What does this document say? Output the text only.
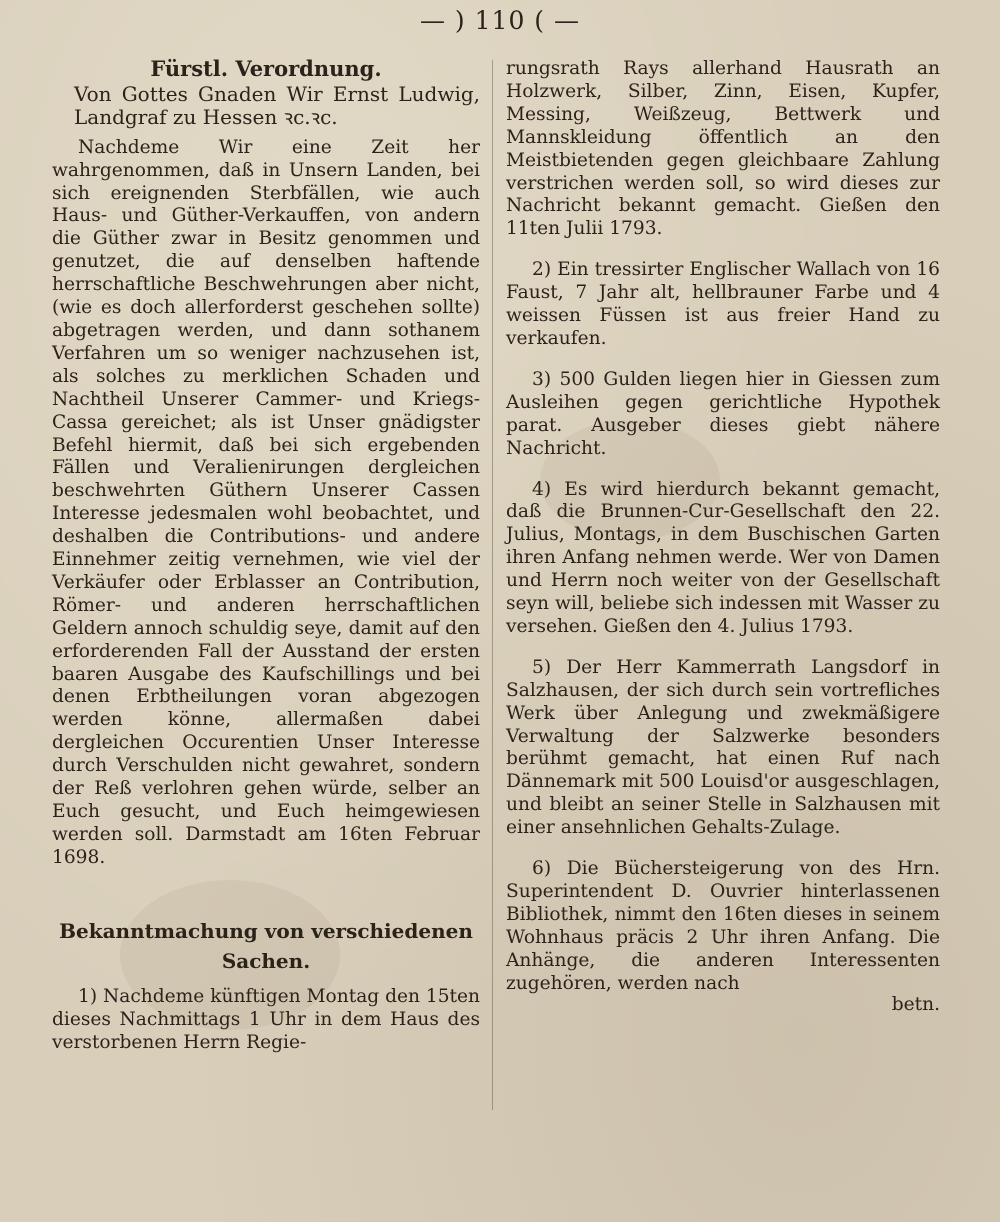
— ) 110 ( —
Fürstl. Verordnung.
Von Gottes Gnaden Wir Ernst Ludwig, Landgraf zu Hessen ꝛc.ꝛc.

Nachdeme Wir eine Zeit her wahrgenommen, daß in Unsern Landen, bei sich ereignenden Sterbfällen, wie auch Haus- und Güther-Verkauffen, von andern die Güther zwar in Besitz genommen und genutzet, die auf denselben haftende herrschaftliche Beschwehrungen aber nicht, (wie es doch allerforderst geschehen sollte) abgetragen werden, und dann sothanem Verfahren um so weniger nachzusehen ist, als solches zu merklichen Schaden und Nachtheil Unserer Cammer- und Kriegs-Cassa gereichet; als ist Unser gnädigster Befehl hiermit, daß bei sich ergebenden Fällen und Veralienirungen dergleichen beschwehrten Güthern Unserer Cassen Interesse jedesmalen wohl beobachtet, und deshalben die Contributions- und andere Einnehmer zeitig vernehmen, wie viel der Verkäufer oder Erblasser an Contribution, Römer- und anderen herrschaftlichen Geldern annoch schuldig seye, damit auf den erforderenden Fall der Ausstand der ersten baaren Ausgabe des Kaufschillings und bei denen Erbtheilungen voran abgezogen werden könne, allermaßen dabei dergleichen Occurentien Unser Interesse durch Verschulden nicht gewahret, sondern der Reß verlohren gehen würde, selber an Euch gesucht, und Euch heimgewiesen werden soll. Darmstadt am 16ten Februar 1698.

Bekanntmachung von verschiedenen
Sachen.

1) Nachdeme künftigen Montag den 15ten dieses Nachmittags 1 Uhr in dem Haus des verstorbenen Herrn Regie-

rungsrath Rays allerhand Hausrath an Holzwerk, Silber, Zinn, Eisen, Kupfer, Messing, Weißzeug, Bettwerk und Mannskleidung öffentlich an den Meistbietenden gegen gleichbaare Zahlung verstrichen werden soll, so wird dieses zur Nachricht bekannt gemacht. Gießen den 11ten Julii 1793.

2) Ein tressirter Englischer Wallach von 16 Faust, 7 Jahr alt, hellbrauner Farbe und 4 weissen Füssen ist aus freier Hand zu verkaufen.

3) 500 Gulden liegen hier in Giessen zum Ausleihen gegen gerichtliche Hypothek parat. Ausgeber dieses giebt nähere Nachricht.

4) Es wird hierdurch bekannt gemacht, daß die Brunnen-Cur-Gesellschaft den 22. Julius, Montags, in dem Buschischen Garten ihren Anfang nehmen werde. Wer von Damen und Herrn noch weiter von der Gesellschaft seyn will, beliebe sich indessen mit Wasser zu versehen. Gießen den 4. Julius 1793.

5) Der Herr Kammerrath Langsdorf in Salzhausen, der sich durch sein vortrefliches Werk über Anlegung und zwekmäßigere Verwaltung der Salzwerke besonders berühmt gemacht, hat einen Ruf nach Dännemark mit 500 Louisd'or ausgeschlagen, und bleibt an seiner Stelle in Salzhausen mit einer ansehnlichen Gehalts-Zulage.

6) Die Büchersteigerung von des Hrn. Superintendent D. Ouvrier hinterlassenen Bibliothek, nimmt den 16ten dieses in seinem Wohnhaus präcis 2 Uhr ihren Anfang. Die Anhänge, die anderen Interessenten zugehören, werden nach

betn.
